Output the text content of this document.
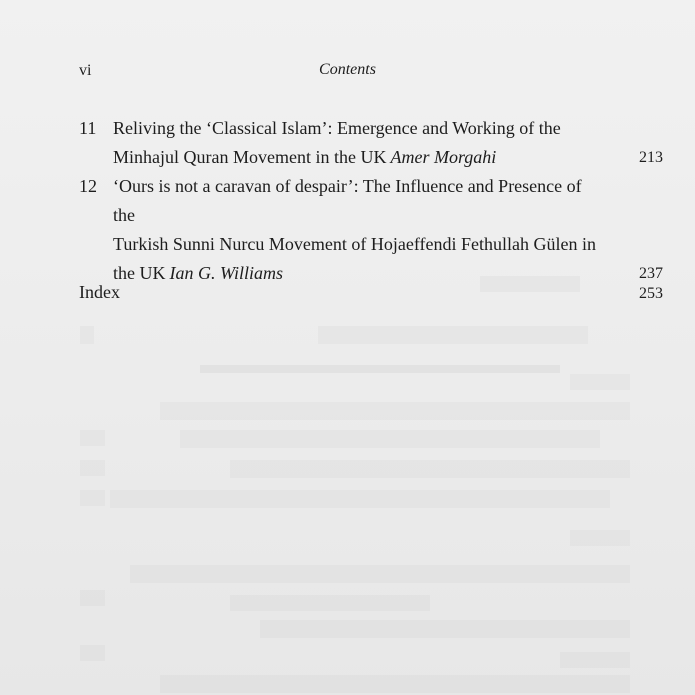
vi	Contents
11 Reliving the ‘Classical Islam’: Emergence and Working of the
Minhajul Quran Movement in the UK Amer Morgahi	213
12 ‘Ours is not a caravan of despair’: The Influence and Presence of the
Turkish Sunni Nurcu Movement of Hojaeffendi Fethullah Gülen in
the UK Ian G. Williams	237
Index	253
